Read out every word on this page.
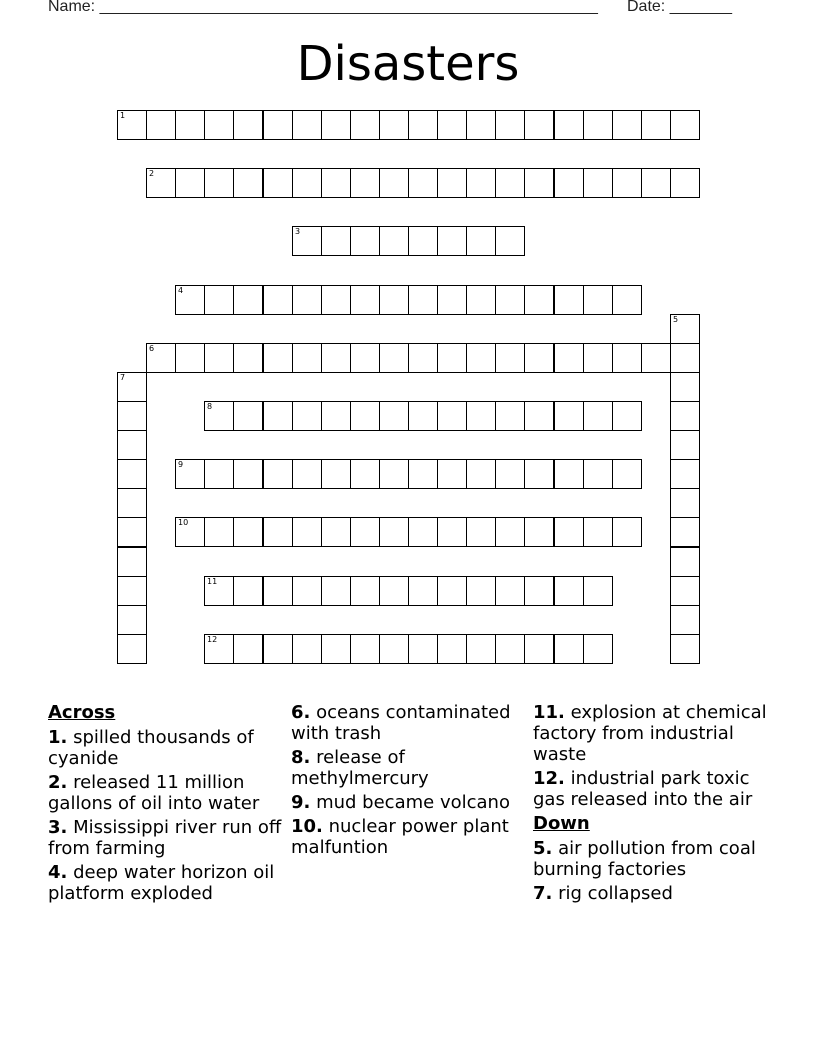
Name: ________________________________________________________ Date: _______
Disasters
1
2
3
4
5
6
7
8
9
10
11
12
Across
1. spilled thousands of cyanide
2. released 11 million gallons of oil into water
3. Mississippi river run off from farming
4. deep water horizon oil platform exploded
6. oceans contaminated with trash
8. release of methylmercury
9. mud became volcano
10. nuclear power plant malfuntion
11. explosion at chemical factory from industrial waste
12. industrial park toxic gas released into the air
Down
5. air pollution from coal burning factories
7. rig collapsed
